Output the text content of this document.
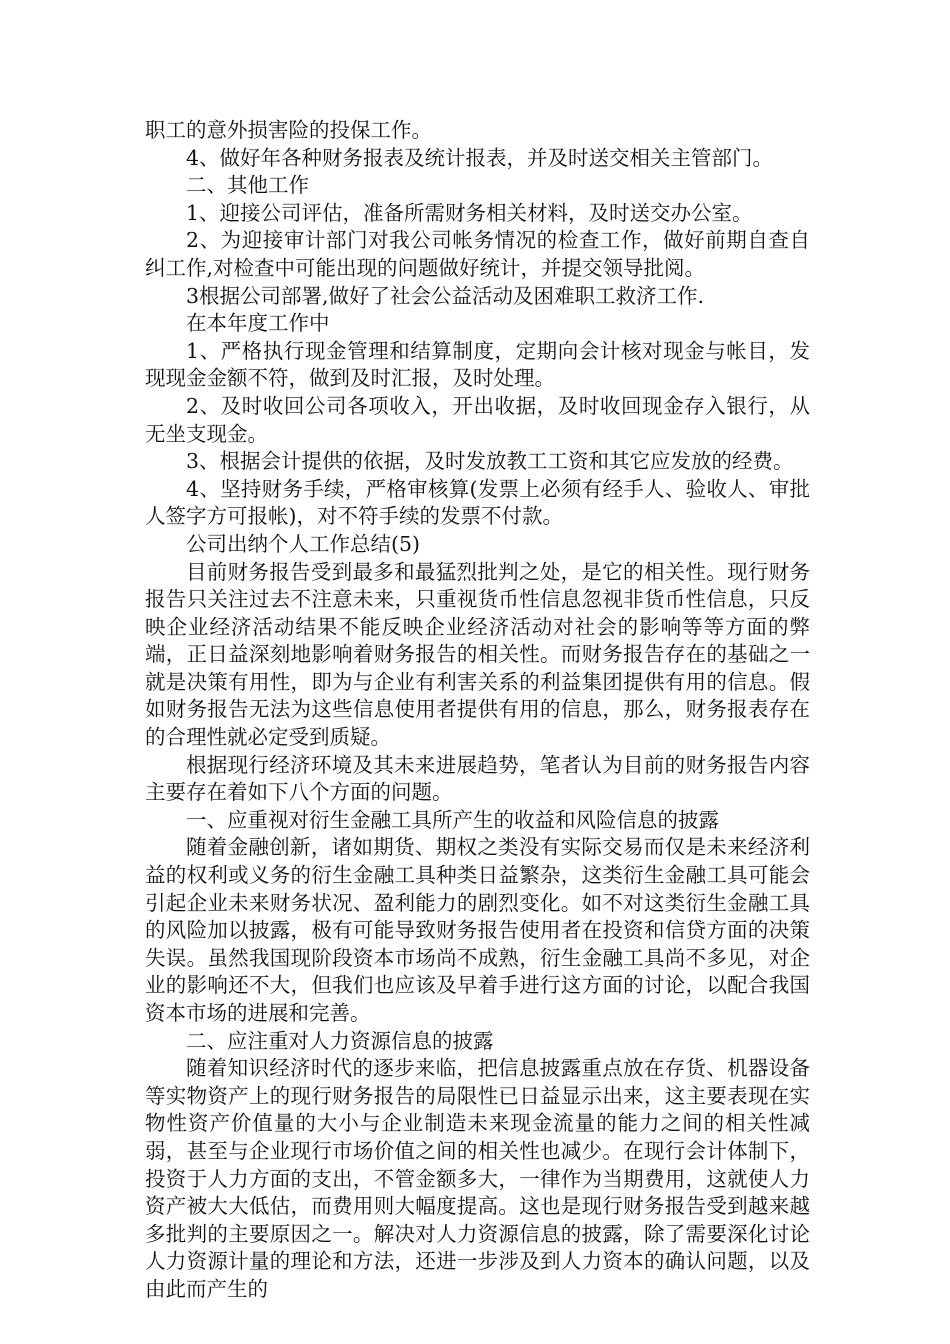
职工的意外损害险的投保工作。

4、做好年各种财务报表及统计报表，并及时送交相关主管部门。

二、其他工作

1、迎接公司评估，准备所需财务相关材料，及时送交办公室。

2、为迎接审计部门对我公司帐务情况的检查工作，做好前期自查自纠工作,对检查中可能出现的问题做好统计，并提交领导批阅。

3根据公司部署,做好了社会公益活动及困难职工救济工作.

在本年度工作中

1、严格执行现金管理和结算制度，定期向会计核对现金与帐目，发现现金金额不符，做到及时汇报，及时处理。

2、及时收回公司各项收入，开出收据，及时收回现金存入银行，从无坐支现金。

3、根据会计提供的依据，及时发放教工工资和其它应发放的经费。

4、坚持财务手续，严格审核算(发票上必须有经手人、验收人、审批人签字方可报帐)，对不符手续的发票不付款。

公司出纳个人工作总结(5)

目前财务报告受到最多和最猛烈批判之处，是它的相关性。现行财务报告只关注过去不注意未来，只重视货币性信息忽视非货币性信息，只反映企业经济活动结果不能反映企业经济活动对社会的影响等等方面的弊端，正日益深刻地影响着财务报告的相关性。而财务报告存在的基础之一就是决策有用性，即为与企业有利害关系的利益集团提供有用的信息。假如财务报告无法为这些信息使用者提供有用的信息，那么，财务报表存在的合理性就必定受到质疑。

根据现行经济环境及其未来进展趋势，笔者认为目前的财务报告内容主要存在着如下八个方面的问题。

一、应重视对衍生金融工具所产生的收益和风险信息的披露

随着金融创新，诸如期货、期权之类没有实际交易而仅是未来经济利益的权利或义务的衍生金融工具种类日益繁杂，这类衍生金融工具可能会引起企业未来财务状况、盈利能力的剧烈变化。如不对这类衍生金融工具的风险加以披露，极有可能导致财务报告使用者在投资和信贷方面的决策失误。虽然我国现阶段资本市场尚不成熟，衍生金融工具尚不多见，对企业的影响还不大，但我们也应该及早着手进行这方面的讨论，以配合我国资本市场的进展和完善。

二、应注重对人力资源信息的披露

随着知识经济时代的逐步来临，把信息披露重点放在存货、机器设备等实物资产上的现行财务报告的局限性已日益显示出来，这主要表现在实物性资产价值量的大小与企业制造未来现金流量的能力之间的相关性减弱，甚至与企业现行市场价值之间的相关性也减少。在现行会计体制下，投资于人力方面的支出，不管金额多大，一律作为当期费用，这就使人力资产被大大低估，而费用则大幅度提高。这也是现行财务报告受到越来越多批判的主要原因之一。解决对人力资源信息的披露，除了需要深化讨论人力资源计量的理论和方法，还进一步涉及到人力资本的确认问题，以及由此而产生的
